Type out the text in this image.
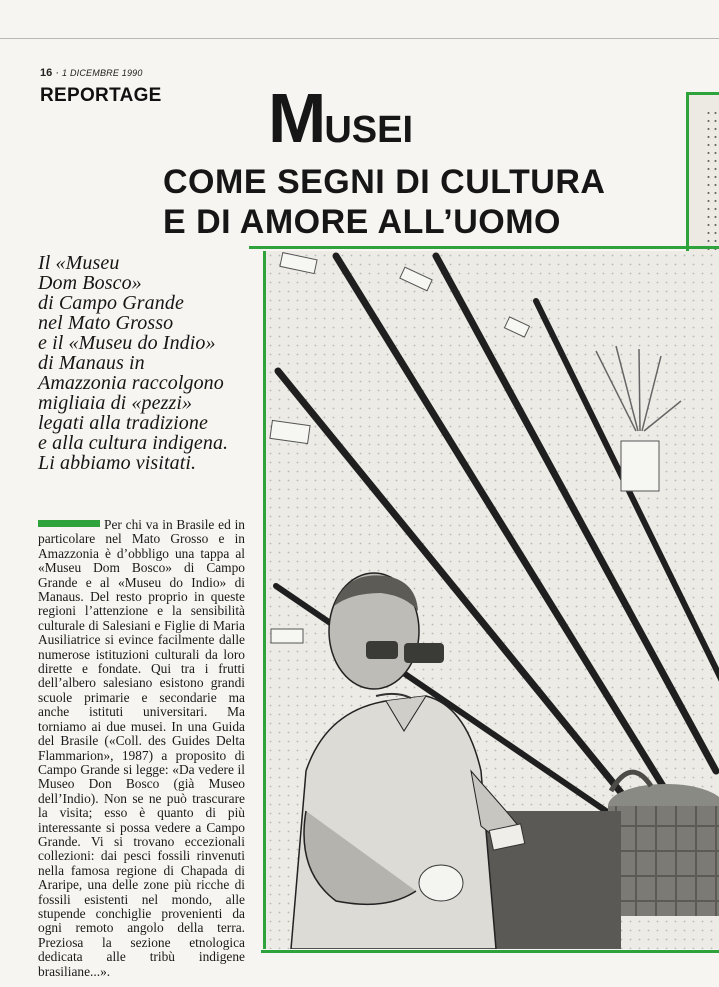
16 · 1 DICEMBRE 1990
REPORTAGE MUSEI
COME SEGNI DI CULTURA
E DI AMORE ALL’UOMO
Il «Museu
Dom Bosco»
di Campo Grande
nel Mato Grosso
e il «Museu do Indio»
di Manaus in
Amazzonia raccolgono
migliaia di «pezzi»
legati alla tradizione
e alla cultura indigena.
Li abbiamo visitati.
Per chi va in Brasile ed in particolare nel Mato Grosso e in Amazzonia è d’obbligo una tappa al «Museu Dom Bosco» di Campo Grande e al «Museu do Indio» di Manaus. Del resto proprio in queste regioni l’attenzione e la sensibilità culturale di Salesiani e Figlie di Maria Ausiliatrice si evince facilmente dalle numerose istituzioni culturali da loro dirette e fondate. Qui tra i frutti dell’albero salesiano esistono grandi scuole primarie e secondarie ma anche istituti universitari. Ma torniamo ai due musei. In una Guida del Brasile («Coll. des Guides Delta Flammarion», 1987) a proposito di Campo Grande si legge: «Da vedere il Museo Don Bosco (già Museo dell’Indio). Non se ne può trascurare la visita; esso è quanto di più interessante si possa vedere a Campo Grande. Vi si trovano eccezionali collezioni: dai pesci fossili rinvenuti nella famosa regione di Chapada di Araripe, una delle zone più ricche di fossili esistenti nel mondo, alle stupende conchiglie provenienti da ogni remoto angolo della terra. Preziosa la sezione etnologica dedicata alle tribù indigene brasiliane...».
